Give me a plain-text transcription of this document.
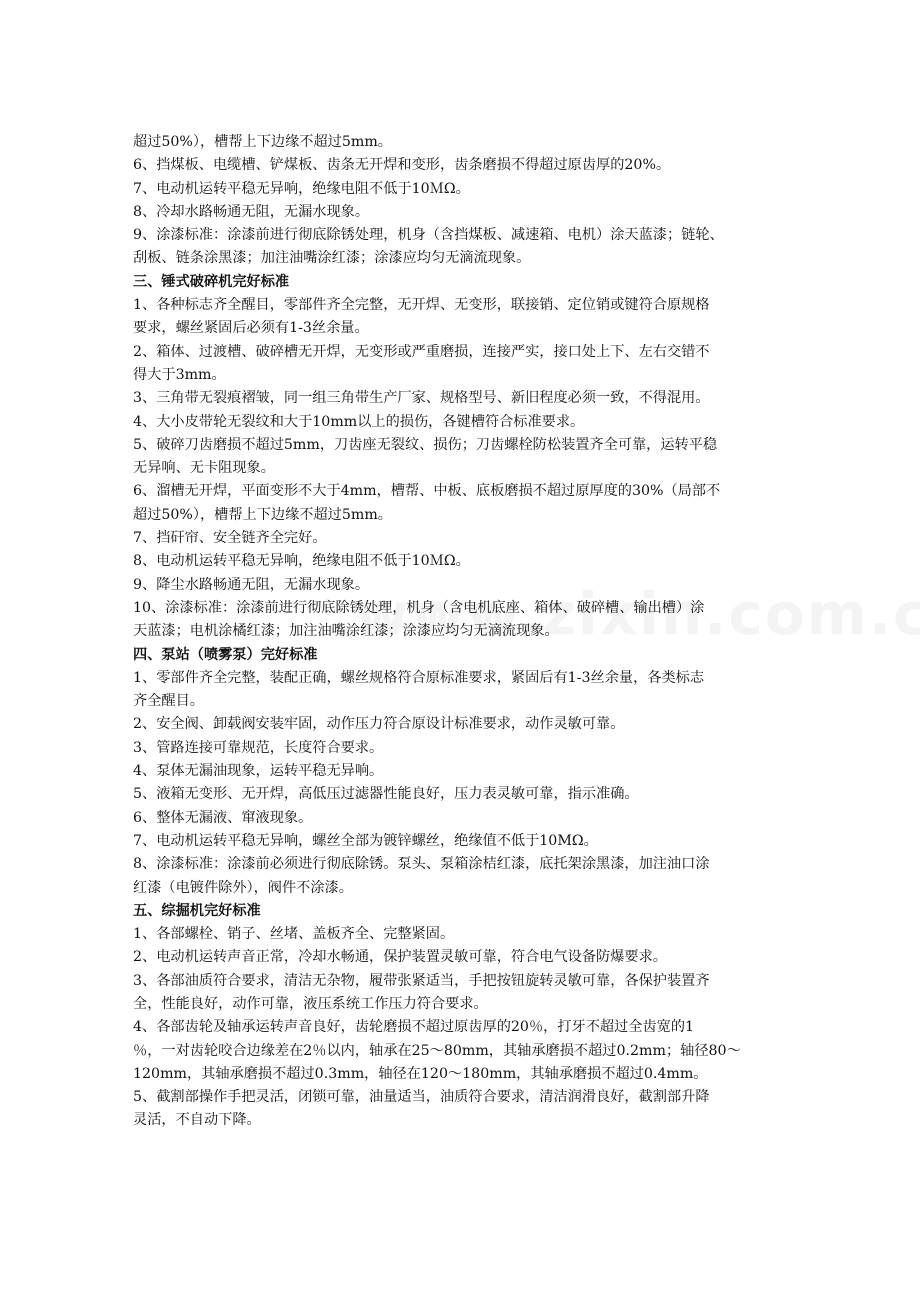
超过50%），槽帮上下边缘不超过5mm。
6、挡煤板、电缆槽、铲煤板、齿条无开焊和变形，齿条磨损不得超过原齿厚的20%。
7、电动机运转平稳无异响，绝缘电阻不低于10ＭΩ。
8、冷却水路畅通无阻，无漏水现象。
9、涂漆标准：涂漆前进行彻底除锈处理，机身（含挡煤板、减速箱、电机）涂天蓝漆；链轮、
刮板、链条涂黑漆；加注油嘴涂红漆；涂漆应均匀无滴流现象。
三、锤式破碎机完好标准
1、各种标志齐全醒目，零部件齐全完整，无开焊、无变形，联接销、定位销或键符合原规格
要求，螺丝紧固后必须有1-3丝余量。
2、箱体、过渡槽、破碎槽无开焊，无变形或严重磨损，连接严实，接口处上下、左右交错不
得大于3mm。
3、三角带无裂痕褶皱，同一组三角带生产厂家、规格型号、新旧程度必须一致，不得混用。
4、大小皮带轮无裂纹和大于10mm以上的损伤，各键槽符合标准要求。
5、破碎刀齿磨损不超过5mm，刀齿座无裂纹、损伤；刀齿螺栓防松装置齐全可靠，运转平稳
无异响、无卡阻现象。
6、溜槽无开焊，平面变形不大于4mm，槽帮、中板、底板磨损不超过原厚度的30%（局部不
超过50%），槽帮上下边缘不超过5mm。
7、挡矸帘、安全链齐全完好。
8、电动机运转平稳无异响，绝缘电阻不低于10ＭΩ。
9、降尘水路畅通无阻，无漏水现象。
10、涂漆标准：涂漆前进行彻底除锈处理，机身（含电机底座、箱体、破碎槽、输出槽）涂
天蓝漆；电机涂橘红漆；加注油嘴涂红漆；涂漆应均匀无滴流现象。
四、泵站（喷雾泵）完好标准
1、零部件齐全完整，装配正确，螺丝规格符合原标准要求，紧固后有1-3丝余量，各类标志
齐全醒目。
2、安全阀、卸载阀安装牢固，动作压力符合原设计标准要求，动作灵敏可靠。
3、管路连接可靠规范，长度符合要求。
4、泵体无漏油现象，运转平稳无异响。
5、液箱无变形、无开焊，高低压过滤器性能良好，压力表灵敏可靠，指示准确。
6、整体无漏液、窜液现象。
7、电动机运转平稳无异响，螺丝全部为镀锌螺丝，绝缘值不低于10MΩ。
8、涂漆标准：涂漆前必须进行彻底除锈。泵头、泵箱涂桔红漆，底托架涂黑漆，加注油口涂
红漆（电镀件除外），阀件不涂漆。
五、综掘机完好标准
1、各部螺栓、销子、丝堵、盖板齐全、完整紧固。
2、电动机运转声音正常，冷却水畅通，保护装置灵敏可靠，符合电气设备防爆要求。
3、各部油质符合要求，清洁无杂物，履带张紧适当，手把按钮旋转灵敏可靠，各保护装置齐
全，性能良好，动作可靠，液压系统工作压力符合要求。
4、各部齿轮及轴承运转声音良好，齿轮磨损不超过原齿厚的20％，打牙不超过全齿宽的1
％，一对齿轮咬合边缘差在2％以内，轴承在25～80mm，其轴承磨损不超过0.2mm；轴径80～
120mm，其轴承磨损不超过0.3mm，轴径在120～180mm，其轴承磨损不超过0.4mm。
5、截割部操作手把灵活，闭锁可靠，油量适当，油质符合要求，清洁润滑良好，截割部升降
灵活，不自动下降。
